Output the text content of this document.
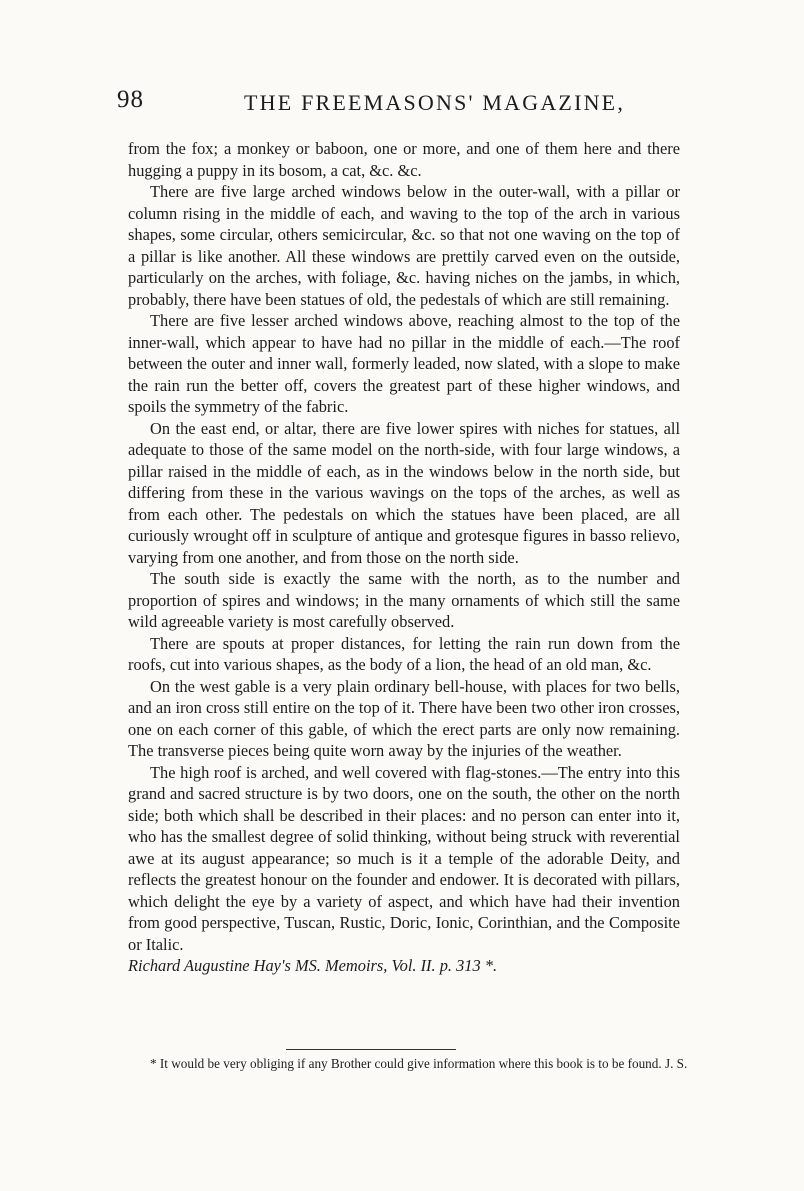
98	THE FREEMASONS' MAGAZINE,

from the fox; a monkey or baboon, one or more, and one of them here and there hugging a puppy in its bosom, a cat, &c. &c.

There are five large arched windows below in the outer-wall, with a pillar or column rising in the middle of each, and waving to the top of the arch in various shapes, some circular, others semicircular, &c. so that not one waving on the top of a pillar is like another. All these windows are prettily carved even on the outside, particularly on the arches, with foliage, &c. having niches on the jambs, in which, probably, there have been statues of old, the pedestals of which are still remaining.

There are five lesser arched windows above, reaching almost to the top of the inner-wall, which appear to have had no pillar in the middle of each.—The roof between the outer and inner wall, formerly leaded, now slated, with a slope to make the rain run the better off, covers the greatest part of these higher windows, and spoils the symmetry of the fabric.

On the east end, or altar, there are five lower spires with niches for statues, all adequate to those of the same model on the north-side, with four large windows, a pillar raised in the middle of each, as in the windows below in the north side, but differing from these in the various wavings on the tops of the arches, as well as from each other. The pedestals on which the statues have been placed, are all curiously wrought off in sculpture of antique and grotesque figures in basso relievo, varying from one another, and from those on the north side.

The south side is exactly the same with the north, as to the number and proportion of spires and windows; in the many ornaments of which still the same wild agreeable variety is most carefully observed.

There are spouts at proper distances, for letting the rain run down from the roofs, cut into various shapes, as the body of a lion, the head of an old man, &c.

On the west gable is a very plain ordinary bell-house, with places for two bells, and an iron cross still entire on the top of it. There have been two other iron crosses, one on each corner of this gable, of which the erect parts are only now remaining. The transverse pieces being quite worn away by the injuries of the weather.

The high roof is arched, and well covered with flag-stones.—The entry into this grand and sacred structure is by two doors, one on the south, the other on the north side; both which shall be described in their places: and no person can enter into it, who has the smallest degree of solid thinking, without being struck with reverential awe at its august appearance; so much is it a temple of the adorable Deity, and reflects the greatest honour on the founder and endower. It is decorated with pillars, which delight the eye by a variety of aspect, and which have had their invention from good perspective, Tuscan, Rustic, Doric, Ionic, Corinthian, and the Composite or Italic.

Richard Augustine Hay's MS. Memoirs, Vol. II. p. 313 *.

* It would be very obliging if any Brother could give information where this book is to be found. J. S.
